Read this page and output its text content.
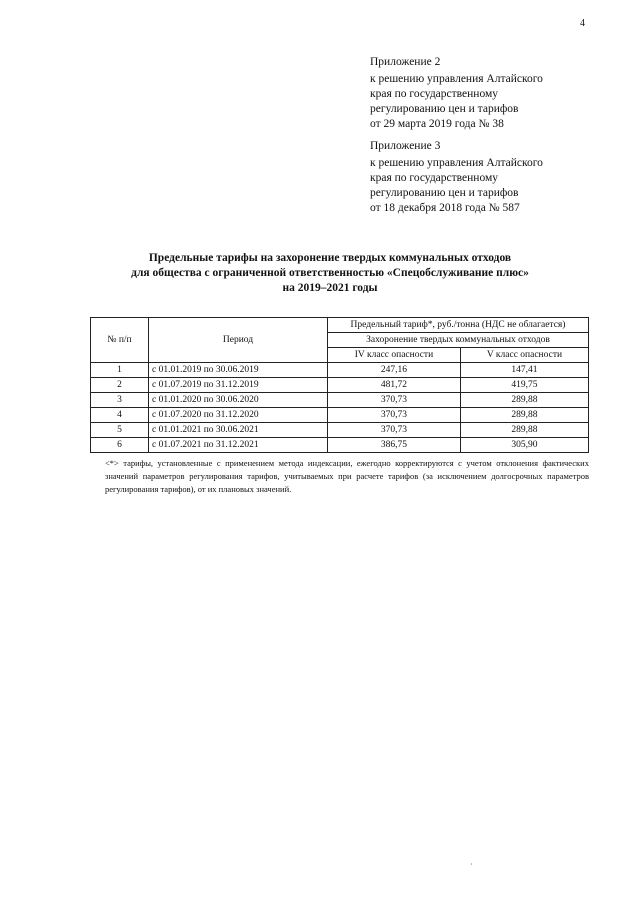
4
Приложение 2
к решению управления Алтайского
края по государственному
регулированию цен и тарифов
от 29 марта 2019 года № 38
Приложение 3
к решению управления Алтайского
края по государственному
регулированию цен и тарифов
от 18 декабря 2018 года № 587
Предельные тарифы на захоронение твердых коммунальных отходов
для общества с ограниченной ответственностью «Спецобслуживание плюс»
на 2019–2021 годы
№ п/п	Период	Предельный тариф*, руб./тонна (НДС не облагается)	
		Захоронение твердых коммунальных отходов	
		IV класс опасности	V класс опасности
1	с 01.01.2019 по 30.06.2019	247,16	147,41
2	с 01.07.2019 по 31.12.2019	481,72	419,75
3	с 01.01.2020 по 30.06.2020	370,73	289,88
4	с 01.07.2020 по 31.12.2020	370,73	289,88
5	с 01.01.2021 по 30.06.2021	370,73	289,88
6	с 01.07.2021 по 31.12.2021	386,75	305,90
<*> тарифы, установленные с применением метода индексации, ежегодно корректируются с учетом отклонения фактических значений параметров регулирования тарифов, учитываемых при расчете тарифов (за исключением долгосрочных параметров регулирования тарифов), от их плановых значений.
·
